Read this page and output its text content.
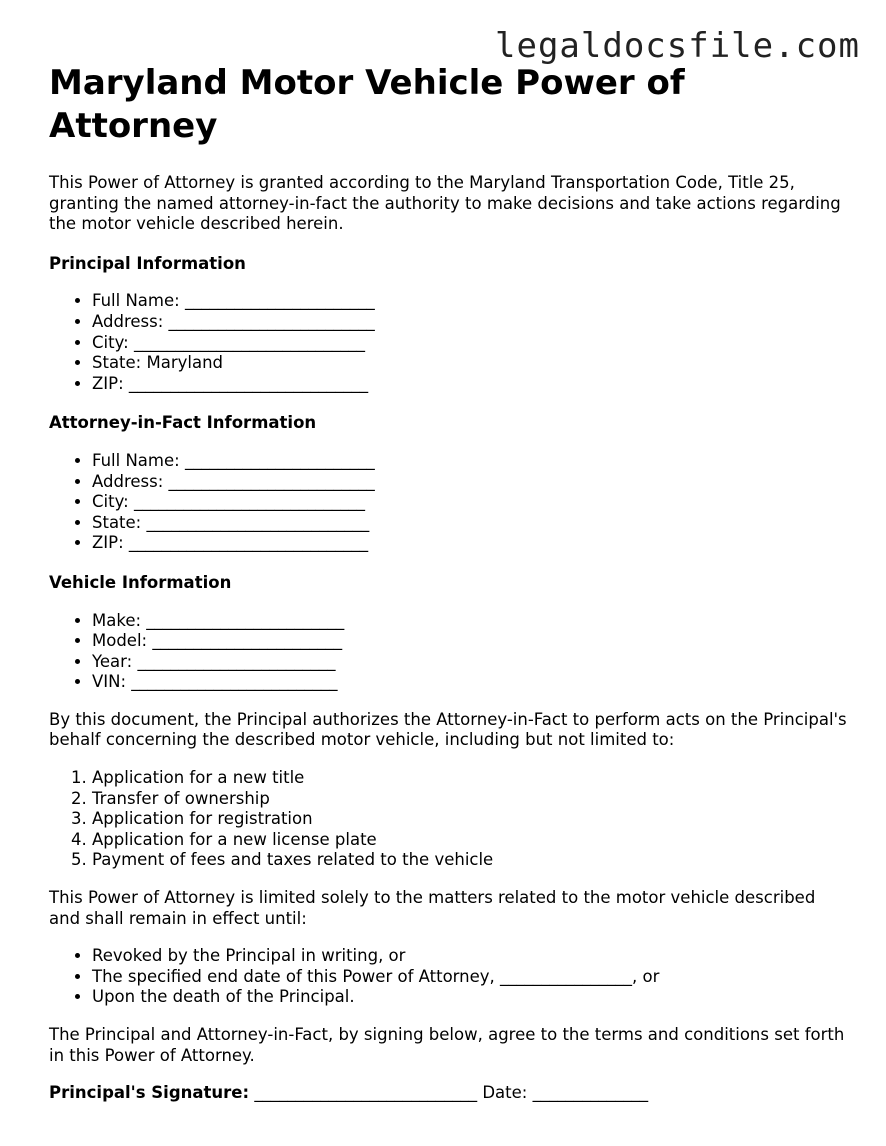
legaldocsfile.com
Maryland Motor Vehicle Power of Attorney

This Power of Attorney is granted according to the Maryland Transportation Code, Title 25, granting the named attorney-in-fact the authority to make decisions and take actions regarding the motor vehicle described herein.

Principal Information
• Full Name: _______________________
• Address: _________________________
• City: ____________________________
• State: Maryland
• ZIP: _____________________________
Attorney-in-Fact Information
• Full Name: _______________________
• Address: _________________________
• City: ____________________________
• State: ___________________________
• ZIP: _____________________________
Vehicle Information
• Make: ________________________
• Model: _______________________
• Year: ________________________
• VIN: _________________________

By this document, the Principal authorizes the Attorney-in-Fact to perform acts on the Principal's behalf concerning the described motor vehicle, including but not limited to:

1. Application for a new title
2. Transfer of ownership
3. Application for registration
4. Application for a new license plate
5. Payment of fees and taxes related to the vehicle

This Power of Attorney is limited solely to the matters related to the motor vehicle described and shall remain in effect until:

• Revoked by the Principal in writing, or
• The specified end date of this Power of Attorney, ________________, or
• Upon the death of the Principal.

The Principal and Attorney-in-Fact, by signing below, agree to the terms and conditions set forth in this Power of Attorney.

Principal's Signature: ___________________________ Date: ______________
